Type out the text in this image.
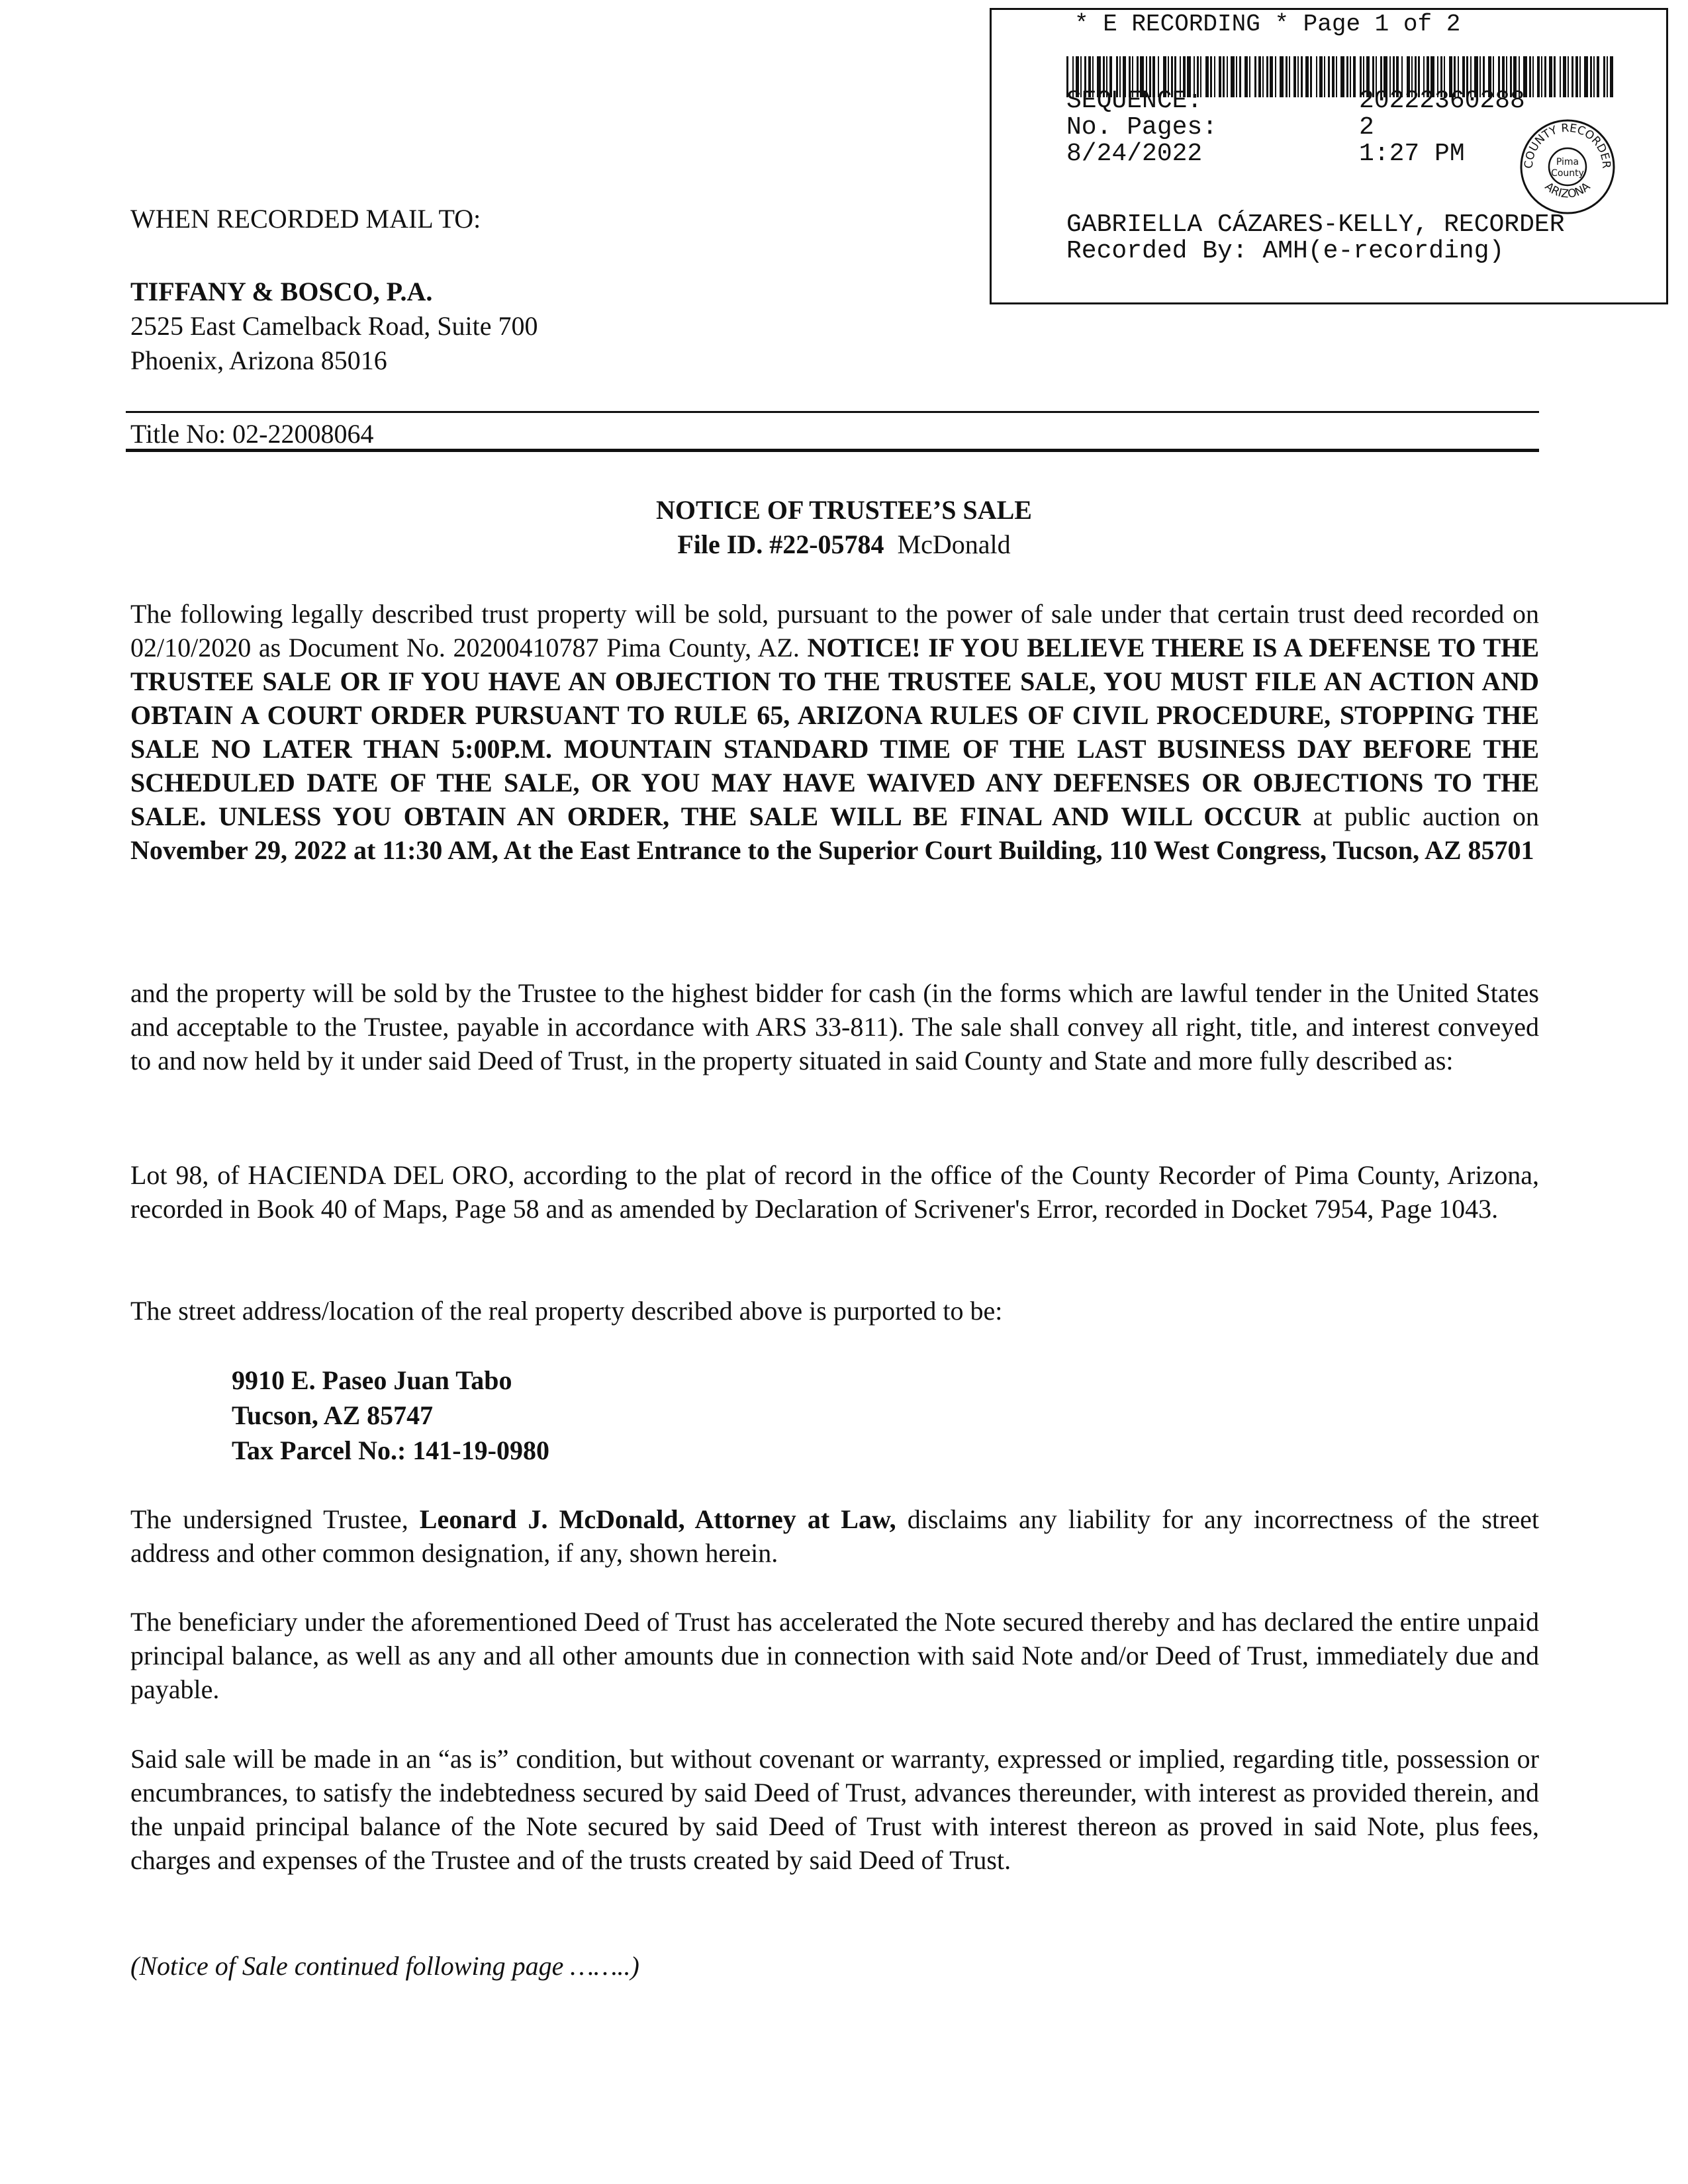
* E RECORDING * Page 1 of 2
SEQUENCE:	20222360288
No. Pages:	2
8/24/2022	1:27 PM	COUNTY RECORDER
ARIZONA
Pima
County
GABRIELLA CÁZARES-KELLY, RECORDER
Recorded By: AMH(e-recording)
WHEN RECORDED MAIL TO:
TIFFANY & BOSCO, P.A.
2525 East Camelback Road, Suite 700
Phoenix, Arizona 85016
Title No: 02-22008064
NOTICE OF TRUSTEE’S SALE
File ID. #22-05784 McDonald
The following legally described trust property will be sold, pursuant to the power of sale under that certain trust deed recorded on 02/10/2020 as Document No. 20200410787 Pima County, AZ. NOTICE! IF YOU BELIEVE THERE IS A DEFENSE TO THE TRUSTEE SALE OR IF YOU HAVE AN OBJECTION TO THE TRUSTEE SALE, YOU MUST FILE AN ACTION AND OBTAIN A COURT ORDER PURSUANT TO RULE 65, ARIZONA RULES OF CIVIL PROCEDURE, STOPPING THE SALE NO LATER THAN 5:00P.M. MOUNTAIN STANDARD TIME OF THE LAST BUSINESS DAY BEFORE THE SCHEDULED DATE OF THE SALE, OR YOU MAY HAVE WAIVED ANY DEFENSES OR OBJECTIONS TO THE SALE. UNLESS YOU OBTAIN AN ORDER, THE SALE WILL BE FINAL AND WILL OCCUR at public auction on November 29, 2022 at 11:30 AM, At the East Entrance to the Superior Court Building, 110 West Congress, Tucson, AZ 85701
and the property will be sold by the Trustee to the highest bidder for cash (in the forms which are lawful tender in the United States and acceptable to the Trustee, payable in accordance with ARS 33-811). The sale shall convey all right, title, and interest conveyed to and now held by it under said Deed of Trust, in the property situated in said County and State and more fully described as:
Lot 98, of HACIENDA DEL ORO, according to the plat of record in the office of the County Recorder of Pima County, Arizona, recorded in Book 40 of Maps, Page 58 and as amended by Declaration of Scrivener's Error, recorded in Docket 7954, Page 1043.
The street address/location of the real property described above is purported to be:
9910 E. Paseo Juan Tabo
Tucson, AZ 85747
Tax Parcel No.: 141-19-0980
The undersigned Trustee, Leonard J. McDonald, Attorney at Law, disclaims any liability for any incorrectness of the street address and other common designation, if any, shown herein.
The beneficiary under the aforementioned Deed of Trust has accelerated the Note secured thereby and has declared the entire unpaid principal balance, as well as any and all other amounts due in connection with said Note and/or Deed of Trust, immediately due and payable.
Said sale will be made in an “as is” condition, but without covenant or warranty, expressed or implied, regarding title, possession or encumbrances, to satisfy the indebtedness secured by said Deed of Trust, advances thereunder, with interest as provided therein, and the unpaid principal balance of the Note secured by said Deed of Trust with interest thereon as proved in said Note, plus fees, charges and expenses of the Trustee and of the trusts created by said Deed of Trust.
(Notice of Sale continued following page ……..)
